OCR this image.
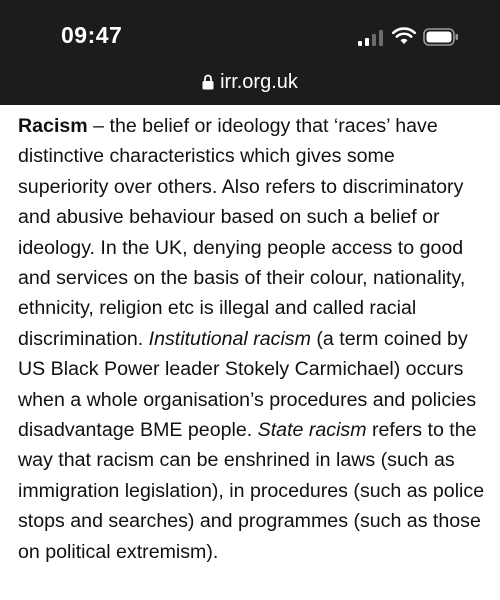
09:47
irr.org.uk

Racism – the belief or ideology that ‘races’ have distinctive characteristics which gives some superiority over others. Also refers to discriminatory and abusive behaviour based on such a belief or ideology. In the UK, denying people access to good and services on the basis of their colour, nationality, ethnicity, religion etc is illegal and called racial discrimination. Institutional racism (a term coined by US Black Power leader Stokely Carmichael) occurs when a whole organisation’s procedures and policies disadvantage BME people. State racism refers to the way that racism can be enshrined in laws (such as immigration legislation), in procedures (such as police stops and searches) and programmes (such as those on political extremism).
